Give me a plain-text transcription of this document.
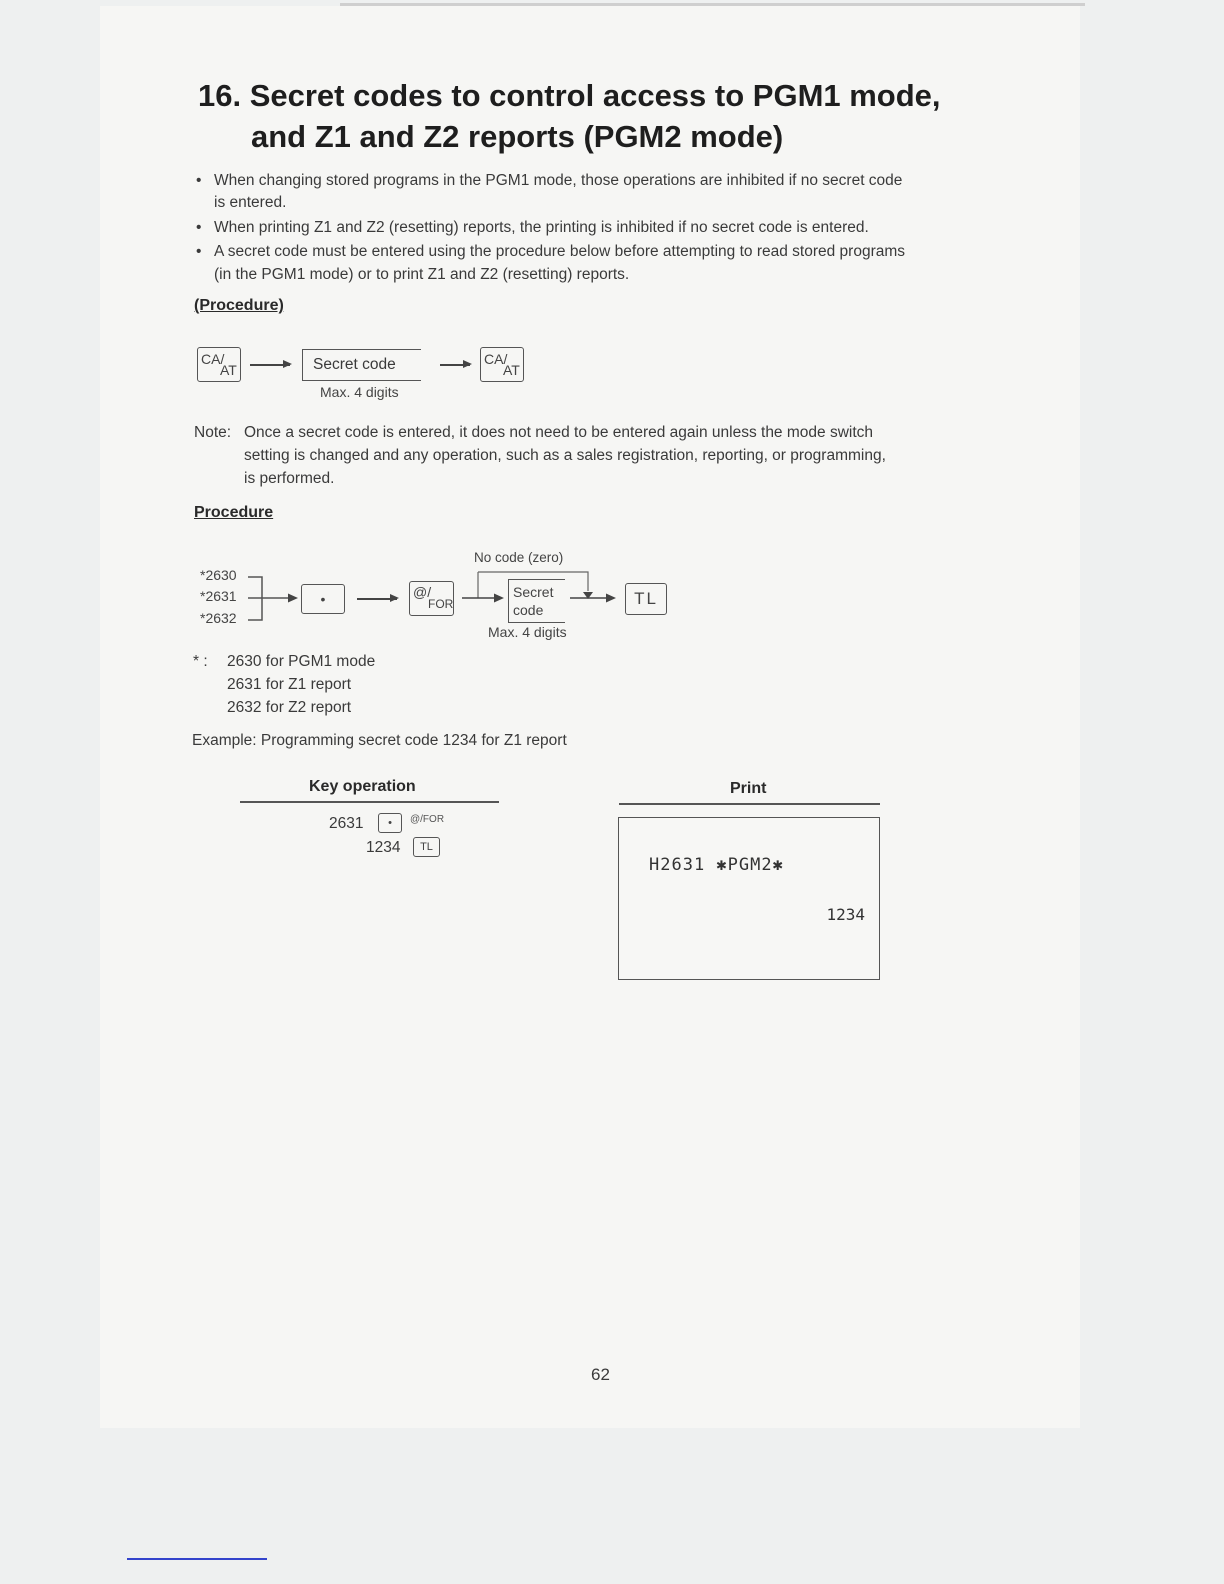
16. Secret codes to control access to PGM1 mode,
and Z1 and Z2 reports (PGM2 mode)
• When changing stored programs in the PGM1 mode, those operations are inhibited if no secret code
is entered.
• When printing Z1 and Z2 (resetting) reports, the printing is inhibited if no secret code is entered.
• A secret code must be entered using the procedure below before attempting to read stored programs
(in the PGM1 mode) or to print Z1 and Z2 (resetting) reports.
(Procedure)
CA/
AT	Secret code
Max. 4 digits
CA/
AT
Note: Once a secret code is entered, it does not need to be entered again unless the mode switch
setting is changed and any operation, such as a sales registration, reporting, or programming,
is performed.
Procedure
*2630
*2631
*2632
•	@/
FOR
No code (zero)
Secret
code
Max. 4 digits
TL
* : 2630 for PGM1 mode
2631 for Z1 report
2632 for Z2 report
Example: Programming secret code 1234 for Z1 report
Key operation
2631	•	@/FOR
1234	TL
Print
H2631 ✱PGM2✱
1234
62
